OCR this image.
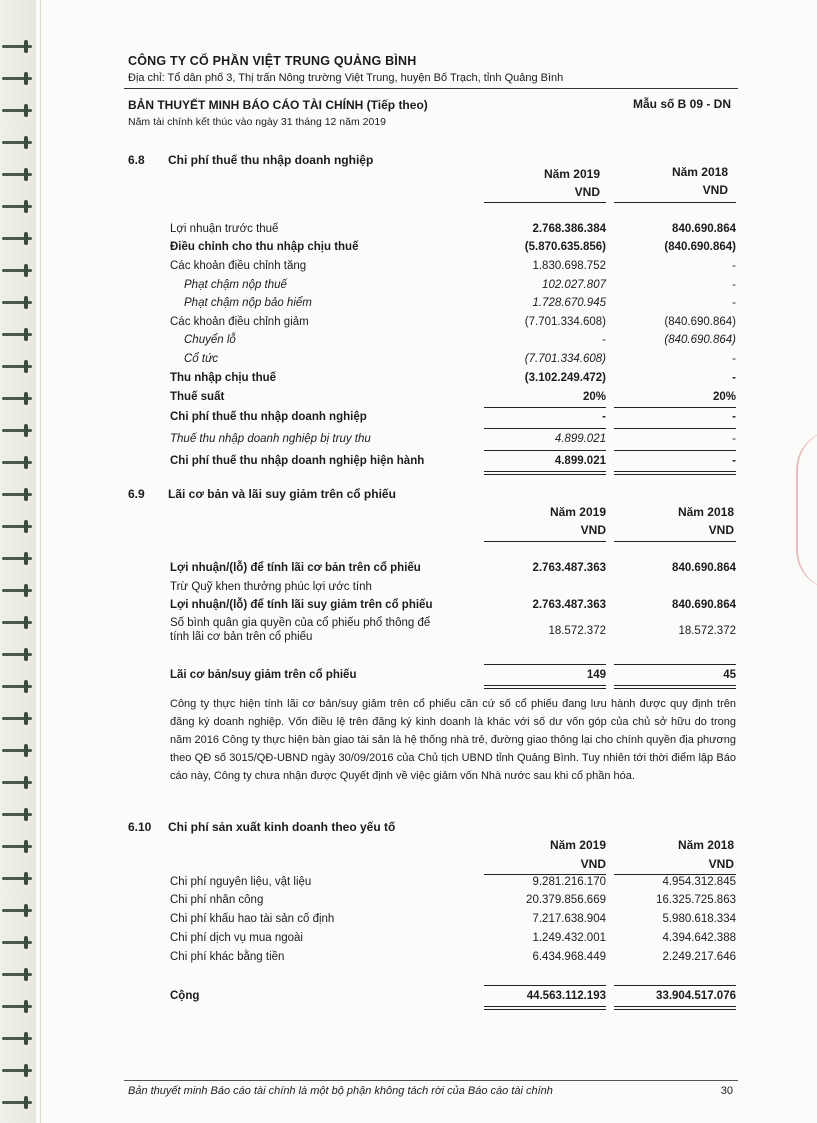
CÔNG TY CỔ PHẦN VIỆT TRUNG QUẢNG BÌNH
Địa chỉ: Tổ dân phố 3, Thị trấn Nông trường Việt Trung, huyện Bố Trạch, tỉnh Quảng Bình
BẢN THUYẾT MINH BÁO CÁO TÀI CHÍNH (Tiếp theo)	Mẫu số B 09 - DN
Năm tài chính kết thúc vào ngày 31 tháng 12 năm 2019
6.8 Chi phí thuế thu nhập doanh nghiệp
Năm 2019	Năm 2018
VND	VND
Lợi nhuận trước thuế	2.768.386.384	840.690.864
Điều chỉnh cho thu nhập chịu thuế	(5.870.635.856)	(840.690.864)
Các khoản điều chỉnh tăng	1.830.698.752	-
Phạt chậm nộp thuế	102.027.807	-
Phạt chậm nộp bảo hiểm	1.728.670.945	-
Các khoản điều chỉnh giảm	(7.701.334.608)	(840.690.864)
Chuyển lỗ	-	(840.690.864)
Cổ tức	(7.701.334.608)	-
Thu nhập chịu thuế	(3.102.249.472)	-
Thuế suất	20%	20%
Chi phí thuế thu nhập doanh nghiệp	-	-
Thuế thu nhập doanh nghiệp bị truy thu	4.899.021	-
Chi phí thuế thu nhập doanh nghiệp hiện hành	4.899.021	-
6.9 Lãi cơ bản và lãi suy giảm trên cổ phiếu
Năm 2019	Năm 2018
VND	VND
Lợi nhuận/(lỗ) để tính lãi cơ bản trên cổ phiếu	2.763.487.363	840.690.864
Trừ Quỹ khen thưởng phúc lợi ước tính
Lợi nhuận/(lỗ) để tính lãi suy giảm trên cổ phiếu	2.763.487.363	840.690.864
Số bình quân gia quyền của cổ phiếu phổ thông để
tính lãi cơ bản trên cổ phiếu	18.572.372	18.572.372
Lãi cơ bản/suy giảm trên cổ phiếu	149	45
Công ty thực hiện tính lãi cơ bản/suy giảm trên cổ phiếu căn cứ số cổ phiếu đang lưu hành được quy định trên đăng ký doanh nghiệp. Vốn điều lệ trên đăng ký kinh doanh là khác với số dư vốn góp của chủ sở hữu do trong năm 2016 Công ty thực hiện bàn giao tài sản là hệ thống nhà trẻ, đường giao thông lại cho chính quyền địa phương theo QĐ số 3015/QĐ-UBND ngày 30/09/2016 của Chủ tịch UBND tỉnh Quảng Bình. Tuy nhiên tới thời điểm lập Báo cáo này, Công ty chưa nhận được Quyết định về việc giảm vốn Nhà nước sau khi cổ phần hóa.
6.10 Chi phí sản xuất kinh doanh theo yếu tố
Năm 2019	Năm 2018
VND	VND
Chi phí nguyên liệu, vật liệu	9.281.216.170	4.954.312.845
Chi phí nhân công	20.379.856.669	16.325.725.863
Chi phí khấu hao tài sản cố định	7.217.638.904	5.980.618.334
Chi phí dịch vụ mua ngoài	1.249.432.001	4.394.642.388
Chi phí khác bằng tiền	6.434.968.449	2.249.217.646
Cộng	44.563.112.193	33.904.517.076
Bản thuyết minh Báo cáo tài chính là một bộ phận không tách rời của Báo cáo tài chính	30
